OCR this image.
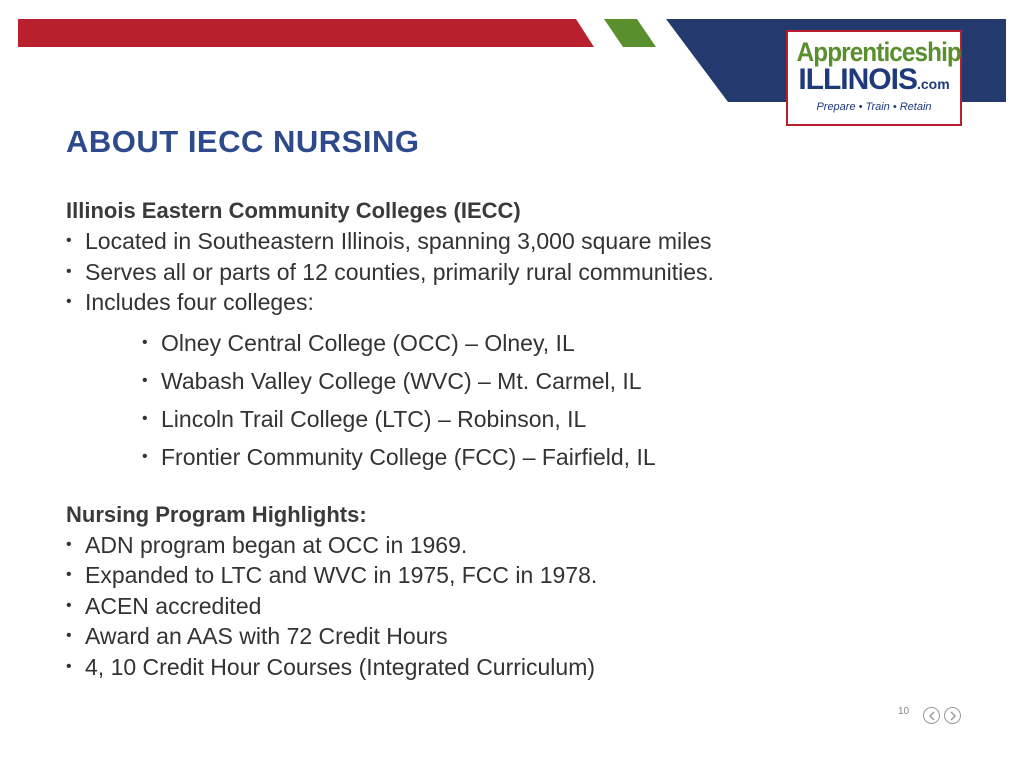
Apprenticeship
ILLINOIS.com
Prepare • Train • Retain
ABOUT IECC NURSING
Illinois Eastern Community Colleges (IECC)
• Located in Southeastern Illinois, spanning 3,000 square miles
• Serves all or parts of 12 counties, primarily rural communities.
• Includes four colleges:
• Olney Central College (OCC) – Olney, IL
• Wabash Valley College (WVC) – Mt. Carmel, IL
• Lincoln Trail College (LTC) – Robinson, IL
• Frontier Community College (FCC) – Fairfield, IL
Nursing Program Highlights:
• ADN program began at OCC in 1969.
• Expanded to LTC and WVC in 1975, FCC in 1978.
• ACEN accredited
• Award an AAS with 72 Credit Hours
• 4, 10 Credit Hour Courses (Integrated Curriculum)
10
